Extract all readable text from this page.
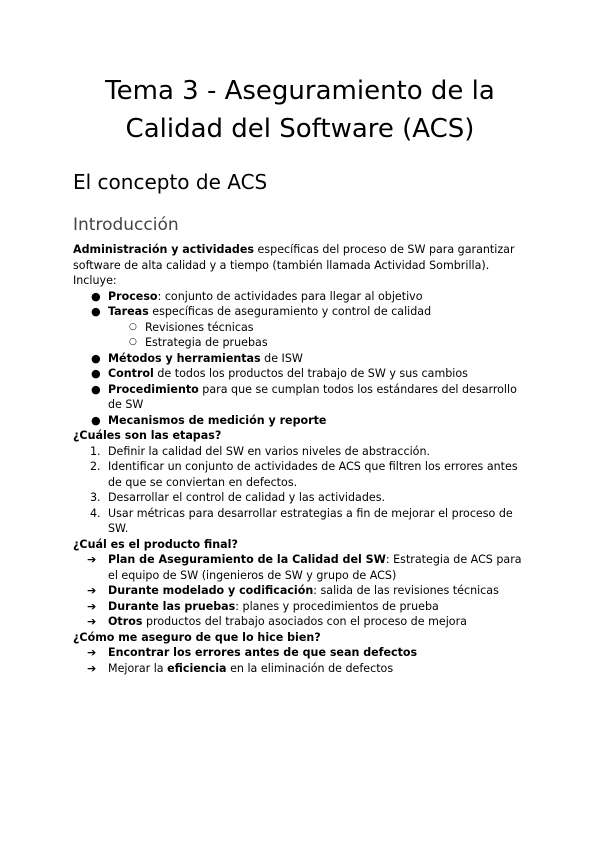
Tema 3 - Aseguramiento de la
Calidad del Software (ACS)
El concepto de ACS
Introducción
Administración y actividades específicas del proceso de SW para garantizar
software de alta calidad y a tiempo (también llamada Actividad Sombrilla).
Incluye:
● Proceso: conjunto de actividades para llegar al objetivo
● Tareas específicas de aseguramiento y control de calidad
○ Revisiones técnicas
○ Estrategia de pruebas
● Métodos y herramientas de ISW
● Control de todos los productos del trabajo de SW y sus cambios
● Procedimiento para que se cumplan todos los estándares del desarrollo
de SW
● Mecanismos de medición y reporte
¿Cuáles son las etapas?
1. Definir la calidad del SW en varios niveles de abstracción.
2. Identificar un conjunto de actividades de ACS que filtren los errores antes
de que se conviertan en defectos.
3. Desarrollar el control de calidad y las actividades.
4. Usar métricas para desarrollar estrategias a fin de mejorar el proceso de
SW.
¿Cuál es el producto final?
➔ Plan de Aseguramiento de la Calidad del SW: Estrategia de ACS para
el equipo de SW (ingenieros de SW y grupo de ACS)
➔ Durante modelado y codificación: salida de las revisiones técnicas
➔ Durante las pruebas: planes y procedimientos de prueba
➔ Otros productos del trabajo asociados con el proceso de mejora
¿Cómo me aseguro de que lo hice bien?
➔ Encontrar los errores antes de que sean defectos
➔ Mejorar la eficiencia en la eliminación de defectos
